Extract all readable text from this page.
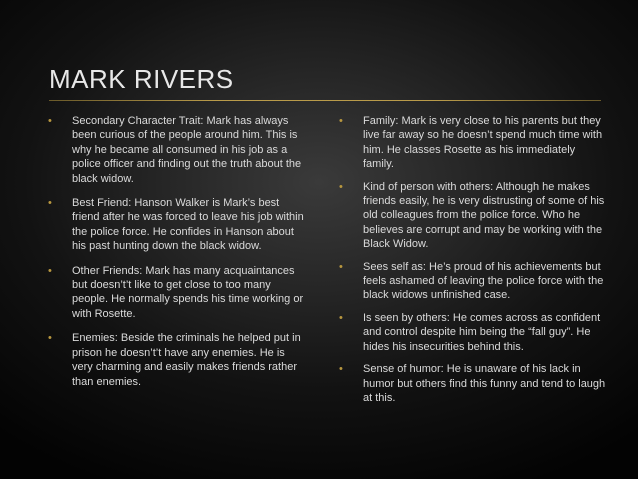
MARK RIVERS
•	Secondary Character Trait: Mark has always been curious of the people around him. This is why he became all consumed in his job as a police officer and finding out the truth about the black widow.
•	Best Friend: Hanson Walker is Mark’s best friend after he was forced to leave his job within the police force. He confides in Hanson about his past hunting down the black widow.
•	Other Friends: Mark has many acquaintances but doesn’t’t like to get close to too many people. He normally spends his time working or with Rosette.
•	Enemies: Beside the criminals he helped put in prison he doesn’t’t have any enemies. He is very charming and easily makes friends rather than enemies.
•	Family: Mark is very close to his parents but they live far away so he doesn’t spend much time with him. He classes Rosette as his immediately family.
•	Kind of person with others: Although he makes friends easily, he is very distrusting of some of his old colleagues from the police force. Who he believes are corrupt and may be working with the Black Widow.
•	Sees self as: He’s proud of his achievements but feels ashamed of leaving the police force with the black widows unfinished case.
•	Is seen by others: He comes across as confident and control despite him being the “fall guy”. He hides his insecurities behind this.
•	Sense of humor: He is unaware of his lack in humor but others find this funny and tend to laugh at this.
